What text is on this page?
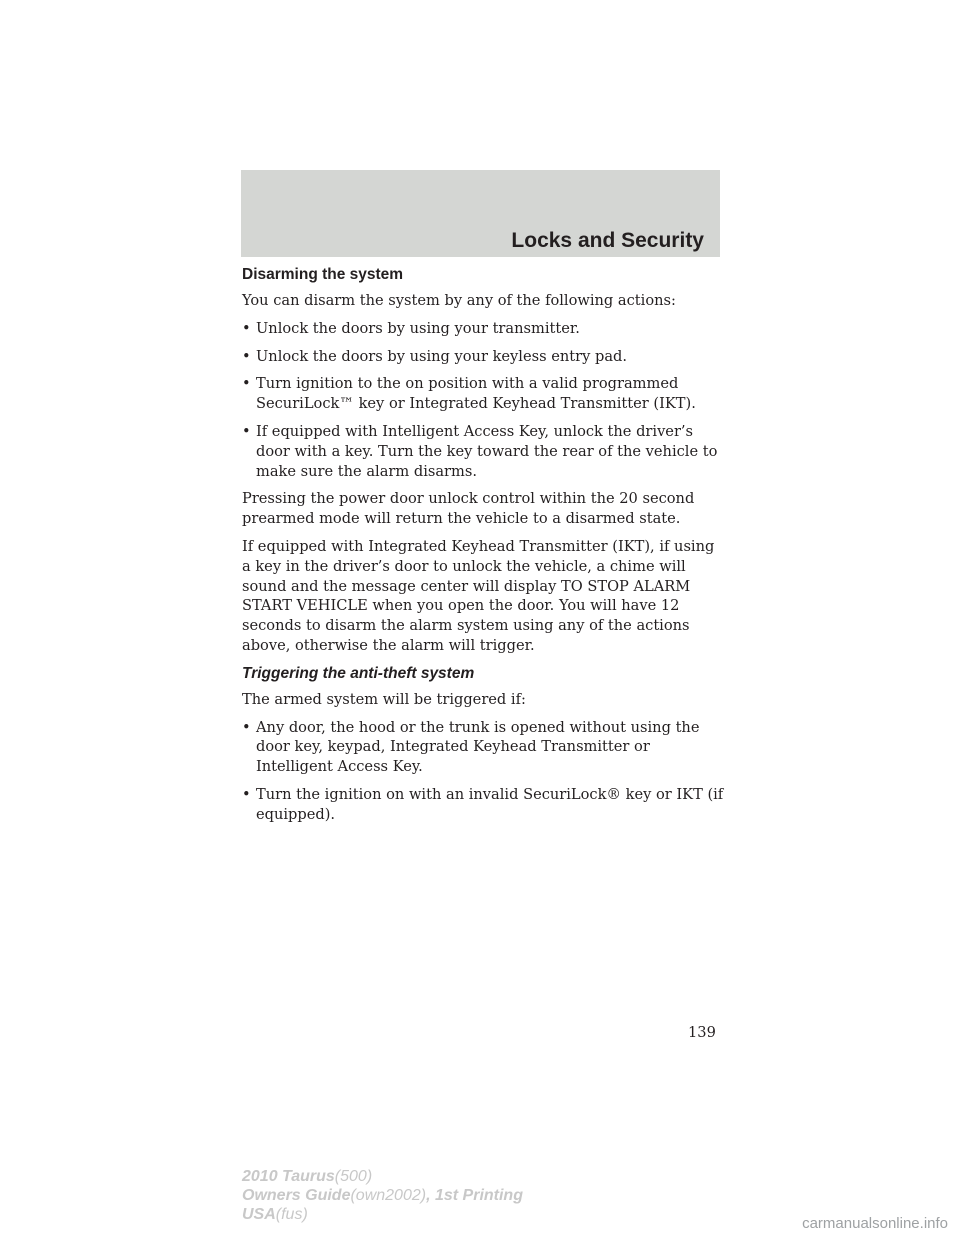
Locks and Security
Disarming the system

You can disarm the system by any of the following actions:

• Unlock the doors by using your transmitter.
• Unlock the doors by using your keyless entry pad.
• Turn ignition to the on position with a valid programmed SecuriLock™ key or Integrated Keyhead Transmitter (IKT).
• If equipped with Intelligent Access Key, unlock the driver’s door with a key. Turn the key toward the rear of the vehicle to make sure the alarm disarms.

Pressing the power door unlock control within the 20 second prearmed mode will return the vehicle to a disarmed state.

If equipped with Integrated Keyhead Transmitter (IKT), if using a key in the driver’s door to unlock the vehicle, a chime will sound and the message center will display TO STOP ALARM START VEHICLE when you open the door. You will have 12 seconds to disarm the alarm system using any of the actions above, otherwise the alarm will trigger.

Triggering the anti-theft system

The armed system will be triggered if:

• Any door, the hood or the trunk is opened without using the door key, keypad, Integrated Keyhead Transmitter or Intelligent Access Key.
• Turn the ignition on with an invalid SecuriLock® key or IKT (if equipped).
139
2010 Taurus(500)
Owners Guide(own2002), 1st Printing
USA(fus)
carmanualsonline.info
